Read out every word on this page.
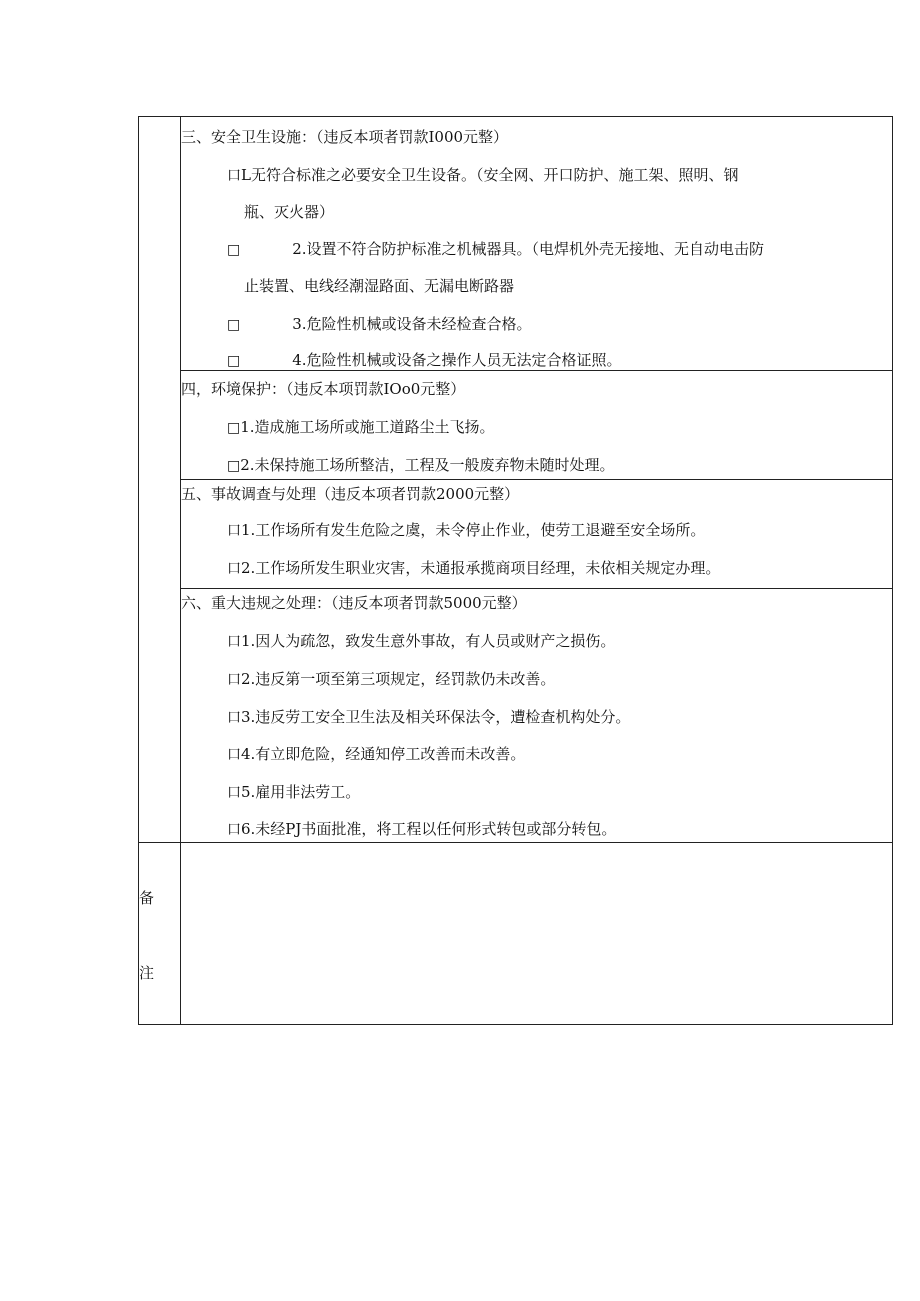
三、安全卫生设施：（违反本项者罚款I000元整）
口L无符合标准之必要安全卫生设备。（安全网、开口防护、施工架、照明、钢
瓶、灭火器）
□	2.设置不符合防护标准之机械器具。（电焊机外壳无接地、无自动电击防
止装置、电线经潮湿路面、无漏电断路器
□	3.危险性机械或设备未经检查合格。
□	4.危险性机械或设备之操作人员无法定合格证照。
四，环境保护：（违反本项罚款IOo0元整）
□1.造成施工场所或施工道路尘土飞扬。
□2.未保持施工场所整洁，工程及一般废弃物未随时处理。
五、事故调查与处理（违反本项者罚款2000元整）
口1.工作场所有发生危险之虞，未令停止作业，使劳工退避至安全场所。
口2.工作场所发生职业灾害，未通报承揽商项目经理，未依相关规定办理。
六、重大违规之处理：（违反本项者罚款5000元整）
口1.因人为疏忽，致发生意外事故，有人员或财产之损伤。
口2.违反第一项至第三项规定，经罚款仍未改善。
口3.违反劳工安全卫生法及相关环保法令，遭检查机构处分。
口4.有立即危险，经通知停工改善而未改善。
口5.雇用非法劳工。
口6.未经PJ书面批准，将工程以任何形式转包或部分转包。
备
注
